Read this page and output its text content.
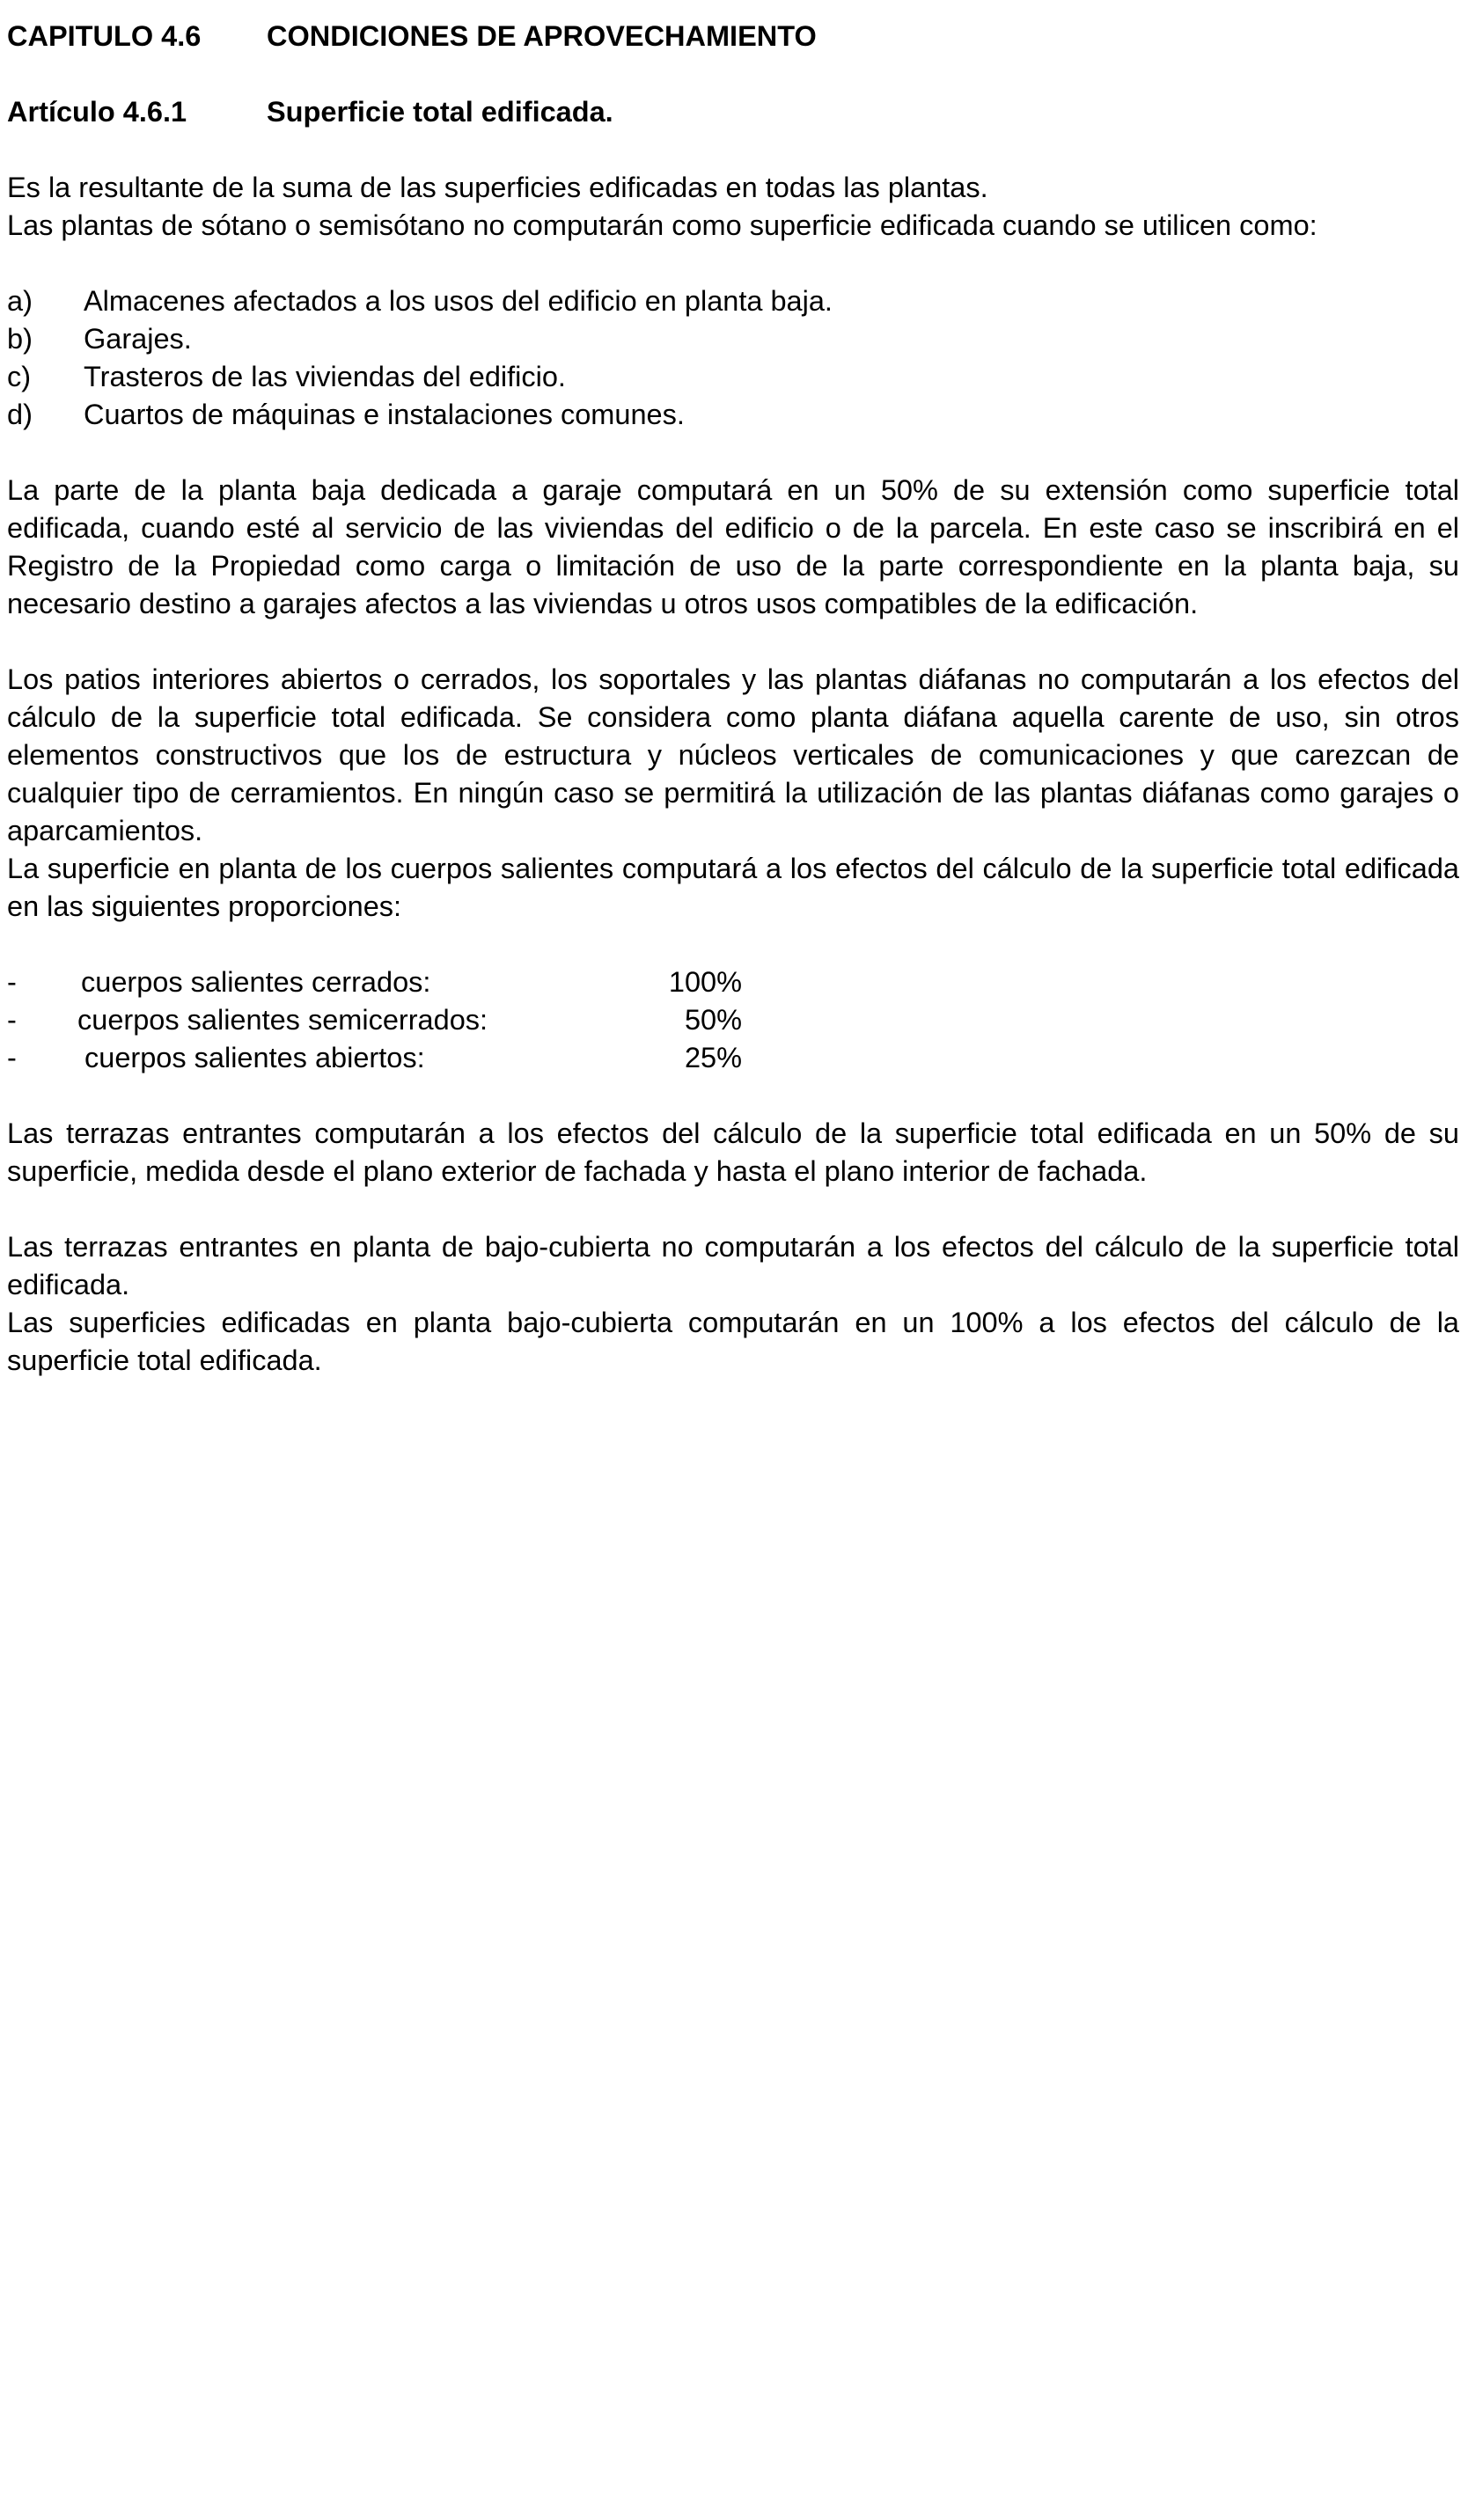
CAPITULO 4.6 CONDICIONES DE APROVECHAMIENTO
Artículo 4.6.1	Superficie total edificada.

Es la resultante de la suma de las superficies edificadas en todas las plantas.

Las plantas de sótano o semisótano no computarán como superficie edificada cuando se utilicen como:

a)	Almacenes afectados a los usos del edificio en planta baja.
b)	Garajes.
c)	Trasteros de las viviendas del edificio.
d)	Cuartos de máquinas e instalaciones comunes.

La parte de la planta baja dedicada a garaje computará en un 50% de su extensión como superficie total edificada, cuando esté al servicio de las viviendas del edificio o de la parcela. En este caso se inscribirá en el Registro de la Propiedad como carga o limitación de uso de la parte correspondiente en la planta baja, su necesario destino a garajes afectos a las viviendas u otros usos compatibles de la edificación.

Los patios interiores abiertos o cerrados, los soportales y las plantas diáfanas no computarán a los efectos del cálculo de la superficie total edificada. Se considera como planta diáfana aquella carente de uso, sin otros elementos constructivos que los de estructura y núcleos verticales de comunicaciones y que carezcan de cualquier tipo de cerramientos. En ningún caso se permitirá la utilización de las plantas diáfanas como garajes o aparcamientos.

La superficie en planta de los cuerpos salientes computará a los efectos del cálculo de la superficie total edificada en las siguientes proporciones:

- cuerpos salientes cerrados:	100%
- cuerpos salientes semicerrados:	50%
- cuerpos salientes abiertos:	25%

Las terrazas entrantes computarán a los efectos del cálculo de la superficie total edificada en un 50% de su superficie, medida desde el plano exterior de fachada y hasta el plano interior de fachada.

Las terrazas entrantes en planta de bajo-cubierta no computarán a los efectos del cálculo de la superficie total edificada.

Las superficies edificadas en planta bajo-cubierta computarán en un 100% a los efectos del cálculo de la superficie total edificada.
